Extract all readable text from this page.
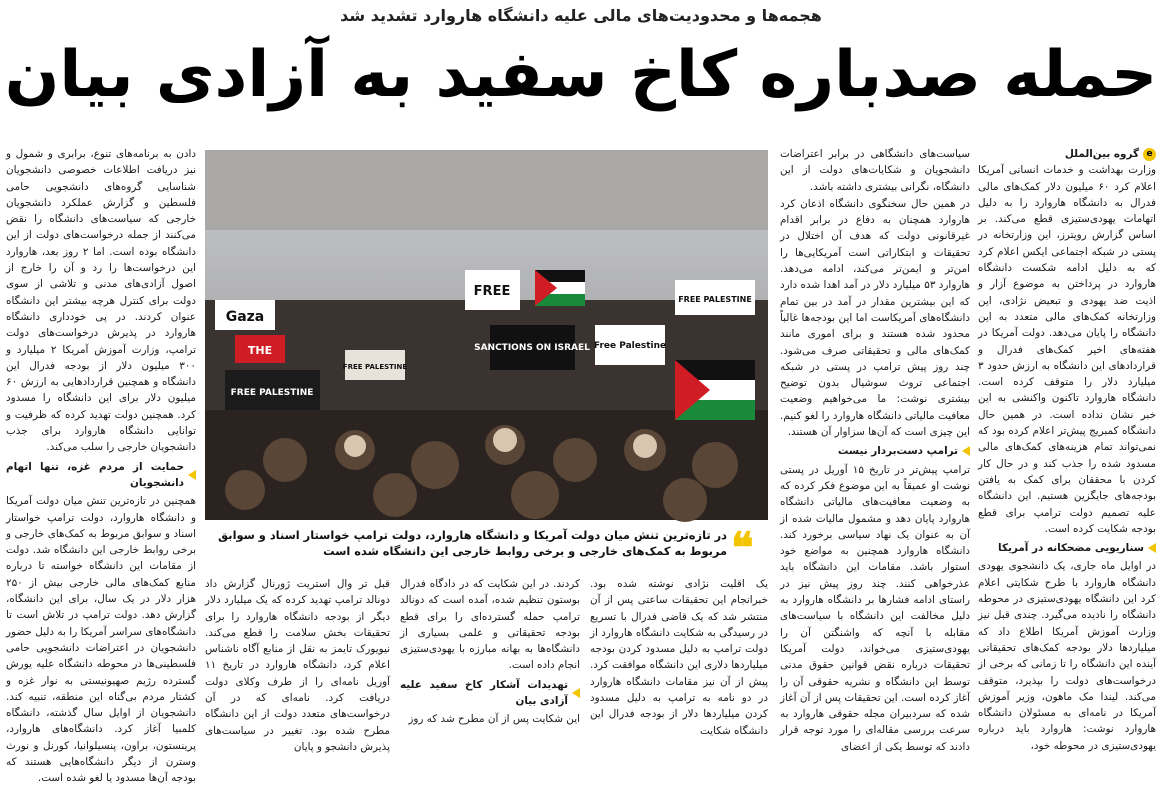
هجمه‌ها و محدودیت‌های مالی علیه دانشگاه هاروارد تشدید شد
حمله صدباره کاخ سفید به آزادی بیان
e
گروه بین‌الملل

وزارت بهداشت و خدمات انسانی آمریکا اعلام کرد ۶۰ میلیون دلار کمک‌های مالی فدرال به دانشگاه هاروارد را به دلیل اتهامات یهودی‌ستیزی قطع می‌کند. بر اساس گزارش رویترز، این وزارتخانه در پستی در شبکه اجتماعی ایکس اعلام کرد که به دلیل ادامه شکست دانشگاه هاروارد در پرداختن به موضوع آزار و اذیت ضد یهودی و تبعیض نژادی، این وزارتخانه کمک‌های مالی متعدد به این دانشگاه را پایان می‌دهد. دولت آمریکا در هفته‌های اخیر کمک‌های فدرال و قراردادهای این دانشگاه به ارزش حدود ۳ میلیارد دلار را متوقف کرده است. دانشگاه هاروارد تاکنون واکنشی به این خبر نشان نداده است. در همین حال دانشگاه کمبریج پیش‌تر اعلام کرده بود که نمی‌تواند تمام هزینه‌های کمک‌های مالی مسدود شده را جذب کند و در حال کار کردن با محققان برای کمک به یافتن بودجه‌های جایگزین هستیم. این دانشگاه علیه تصمیم دولت ترامپ برای قطع بودجه شکایت کرده است.

سناریویی مضحکانه در آمریکا

در اوایل ماه جاری، یک دانشجوی یهودی دانشگاه هاروارد با طرح شکایتی اعلام کرد این دانشگاه یهودی‌ستیزی در محوطه دانشگاه را نادیده می‌گیرد. چندی قبل نیز وزارت آموزش آمریکا اطلاع داد که میلیاردها دلار بودجه کمک‌های تحقیقاتی آینده این دانشگاه را تا زمانی که برخی از درخواست‌های دولت را بپذیرد، متوقف می‌کند. لیندا مک ماهون، وزیر آموزش آمریکا در نامه‌ای به مسئولان دانشگاه هاروارد نوشت: هاروارد باید درباره یهودی‌ستیزی در محوطه خود،

سیاست‌های دانشگاهی در برابر اعتراضات دانشجویان و شکایات‌های دولت از این دانشگاه، نگرانی بیشتری داشته باشد.

در همین حال سخنگوی دانشگاه اذعان کرد هاروارد همچنان به دفاع در برابر اقدام غیرقانونی دولت که هدف آن اختلال در تحقیقات و ابتکاراتی است آمریکایی‌ها را امن‌تر و ایمن‌تر می‌کند، ادامه می‌دهد. هاروارد ۵۳ میلیارد دلار در آمد اهدا شده دارد که این بیشترین مقدار در آمد در بین تمام دانشگاه‌های آمریکاست اما این بودجه‌ها غالباً محدود شده هستند و برای اموری مانند کمک‌های مالی و تحقیقاتی صرف می‌شود. چند روز پیش ترامپ در پستی در شبکه اجتماعی تروث سوشیال بدون توضیح بیشتری نوشت: ما می‌خواهیم وضعیت معافیت مالیاتی دانشگاه هاروارد را لغو کنیم. این چیزی است که آن‌ها سزاوار آن هستند.

ترامپ دست‌بردار نیست

ترامپ پیش‌تر در تاریخ ۱۵ آوریل در پستی نوشت او عمیقاً به این موضوع فکر کرده که به وضعیت معافیت‌های مالیاتی دانشگاه هاروارد پایان دهد و مشمول مالیات شده از آن به عنوان یک نهاد سیاسی برخورد کند. دانشگاه هاروارد همچنین به مواضع خود استوار باشد. مقامات این دانشگاه باید عذرخواهی کنند. چند روز پیش نیز در راستای ادامه فشارها بر دانشگاه هاروارد به دلیل مخالفت این دانشگاه با سیاست‌های مقابله با آنچه که واشنگتن آن را یهودی‌ستیزی می‌خواند، دولت آمریکا تحقیقات درباره نقض قوانین حقوق مدنی توسط این دانشگاه و نشریه حقوقی آن را آغاز کرده است. این تحقیقات پس از آن آغاز شده که سردبیران مجله حقوقی هاروارد به سرعت بررسی مقاله‌ای را مورد توجه قرار دادند که توسط یکی از اعضای

Gaza
FREE
SANCTIONS ON ISRAEL Free Palestine
FREE PALESTINE
FREE PALESTINE
FREE PALESTINE
THE
❝
در تازه‌ترین تنش میان دولت آمریکا و دانشگاه هاروارد، دولت ترامپ خواستار اسناد و سوابق مربوط به کمک‌های خارجی و برخی روابط خارجی این دانشگاه شده است

یک اقلیت نژادی نوشته شده بود. خبرانجام این تحقیقات ساعتی پس از آن منتشر شد که یک قاضی فدرال با تسریع در رسیدگی به شکایت دانشگاه هاروارد از دولت ترامپ به دلیل مسدود کردن بودجه میلیاردها دلاری این دانشگاه موافقت کرد. پیش از آن نیز مقامات دانشگاه هاروارد در دو نامه به ترامپ به دلیل مسدود کردن میلیاردها دلار از بودجه فدرال این دانشگاه شکایت

کردند. در این شکایت که در دادگاه فدرال بوستون تنظیم شده، آمده است که دونالد ترامپ حمله گسترده‌ای را برای قطع بودجه تحقیقاتی و علمی بسیاری از دانشگاه‌ها به بهانه مبارزه با یهودی‌ستیزی انجام داده است.

تهدیدات آشکار کاخ سفید علیه آزادی بیان

این شکایت پس از آن مطرح شد که روز

قبل تر وال استریت ژورنال گزارش داد دونالد ترامپ تهدید کرده که یک میلیارد دلار دیگر از بودجه دانشگاه هاروارد را برای تحقیقات بخش سلامت را قطع می‌کند. نیویورک تایمز به نقل از منابع آگاه ناشناس اعلام کرد، دانشگاه هاروارد در تاریخ ۱۱ آوریل نامه‌ای را از طرف وکلای دولت دریافت کرد. نامه‌ای که در آن درخواست‌های متعدد دولت از این دانشگاه مطرح شده بود. تغییر در سیاست‌های پذیرش دانشجو و پایان

دادن به برنامه‌های تنوع، برابری و شمول و نیز دریافت اطلاعات خصوصی دانشجویان شناسایی گروه‌های دانشجویی حامی فلسطین و گزارش عملکرد دانشجویان خارجی که سیاست‌های دانشگاه را نقض می‌کنند از جمله درخواست‌های دولت از این دانشگاه بوده است. اما ۲ روز بعد، هاروارد این درخواست‌ها را رد و آن را خارج از اصول آزادی‌های مدنی و تلاشی از سوی دولت برای کنترل هرچه بیشتر این دانشگاه عنوان کردند. در پی خودداری دانشگاه هاروارد در پذیرش درخواست‌های دولت ترامپ، وزارت آموزش آمریکا ۲ میلیارد و ۳۰۰ میلیون دلار از بودجه فدرال این دانشگاه و همچنین قراردادهایی به ارزش ۶۰ میلیون دلار برای این دانشگاه را مسدود کرد. همچنین دولت تهدید کرده که ظرفیت و توانایی دانشگاه هاروارد برای جذب دانشجویان خارجی را سلب می‌کند.

حمایت از مردم غزه، تنها اتهام دانشجویان

همچنین در تازه‌ترین تنش میان دولت آمریکا و دانشگاه هاروارد، دولت ترامپ خواستار اسناد و سوابق مربوط به کمک‌های خارجی و برخی روابط خارجی این دانشگاه شد. دولت از مقامات این دانشگاه خواسته تا درباره منابع کمک‌های مالی خارجی بیش از ۲۵۰ هزار دلار در یک سال، برای این دانشگاه، گزارش دهد. دولت ترامپ در تلاش است تا دانشگاه‌های سراسر آمریکا را به دلیل حضور دانشجویان در اعتراضات دانشجویی حامی فلسطینی‌ها در محوطه دانشگاه علیه یورش گسترده رژیم صهیونیستی به نوار غزه و کشتار مردم بی‌گناه این منطقه، تنبیه کند. دانشجویان از اوایل سال گذشته، دانشگاه کلمبیا آغاز کرد. دانشگاه‌های هاروارد، پرینستون، براون، پنسیلوانیا، کورنل و نورث وسترن از دیگر دانشگاه‌هایی هستند که بودجه آن‌ها مسدود یا لغو شده است.
